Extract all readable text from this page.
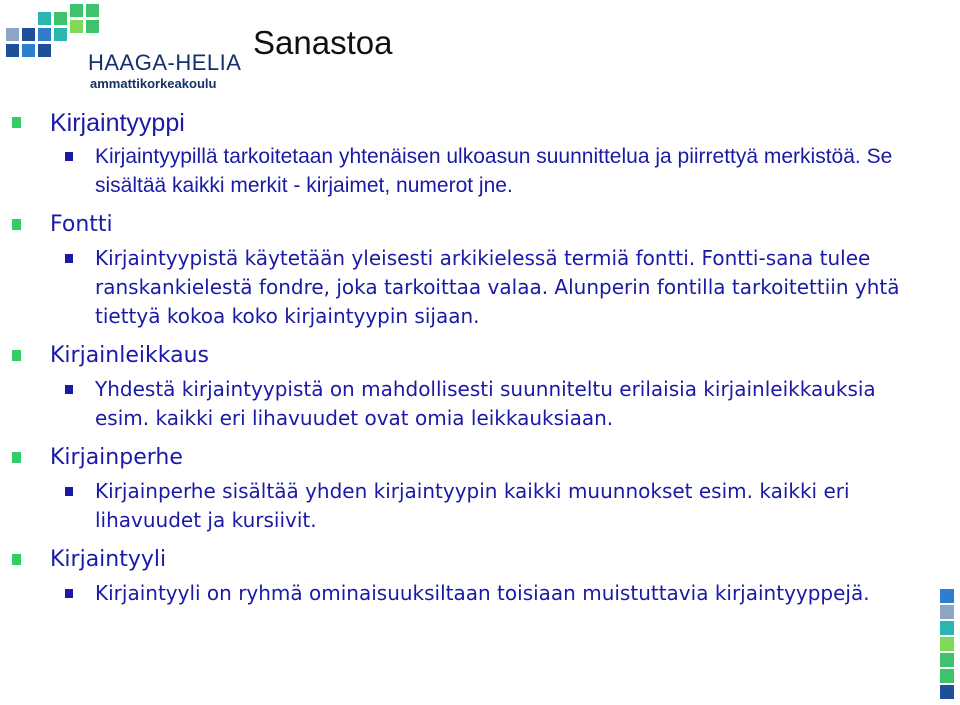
HAAGA-HELIA
ammattikorkeakoulu
Sanastoa
Kirjaintyyppi
Kirjaintyypillä tarkoitetaan yhtenäisen ulkoasun suunnittelua ja piirrettyä merkistöä. Se sisältää kaikki merkit - kirjaimet, numerot jne.
Fontti
Kirjaintyypistä käytetään yleisesti arkikielessä termiä fontti. Fontti-sana tulee ranskankielestä fondre, joka tarkoittaa valaa. Alunperin fontilla tarkoitettiin yhtä tiettyä kokoa koko kirjaintyypin sijaan.
Kirjainleikkaus
Yhdestä kirjaintyypistä on mahdollisesti suunniteltu erilaisia kirjainleikkauksia esim. kaikki eri lihavuudet ovat omia leikkauksiaan.
Kirjainperhe
Kirjainperhe sisältää yhden kirjaintyypin kaikki muunnokset esim. kaikki eri lihavuudet ja kursiivit.
Kirjaintyyli
Kirjaintyyli on ryhmä ominaisuuksiltaan toisiaan muistuttavia kirjaintyyppejä.
